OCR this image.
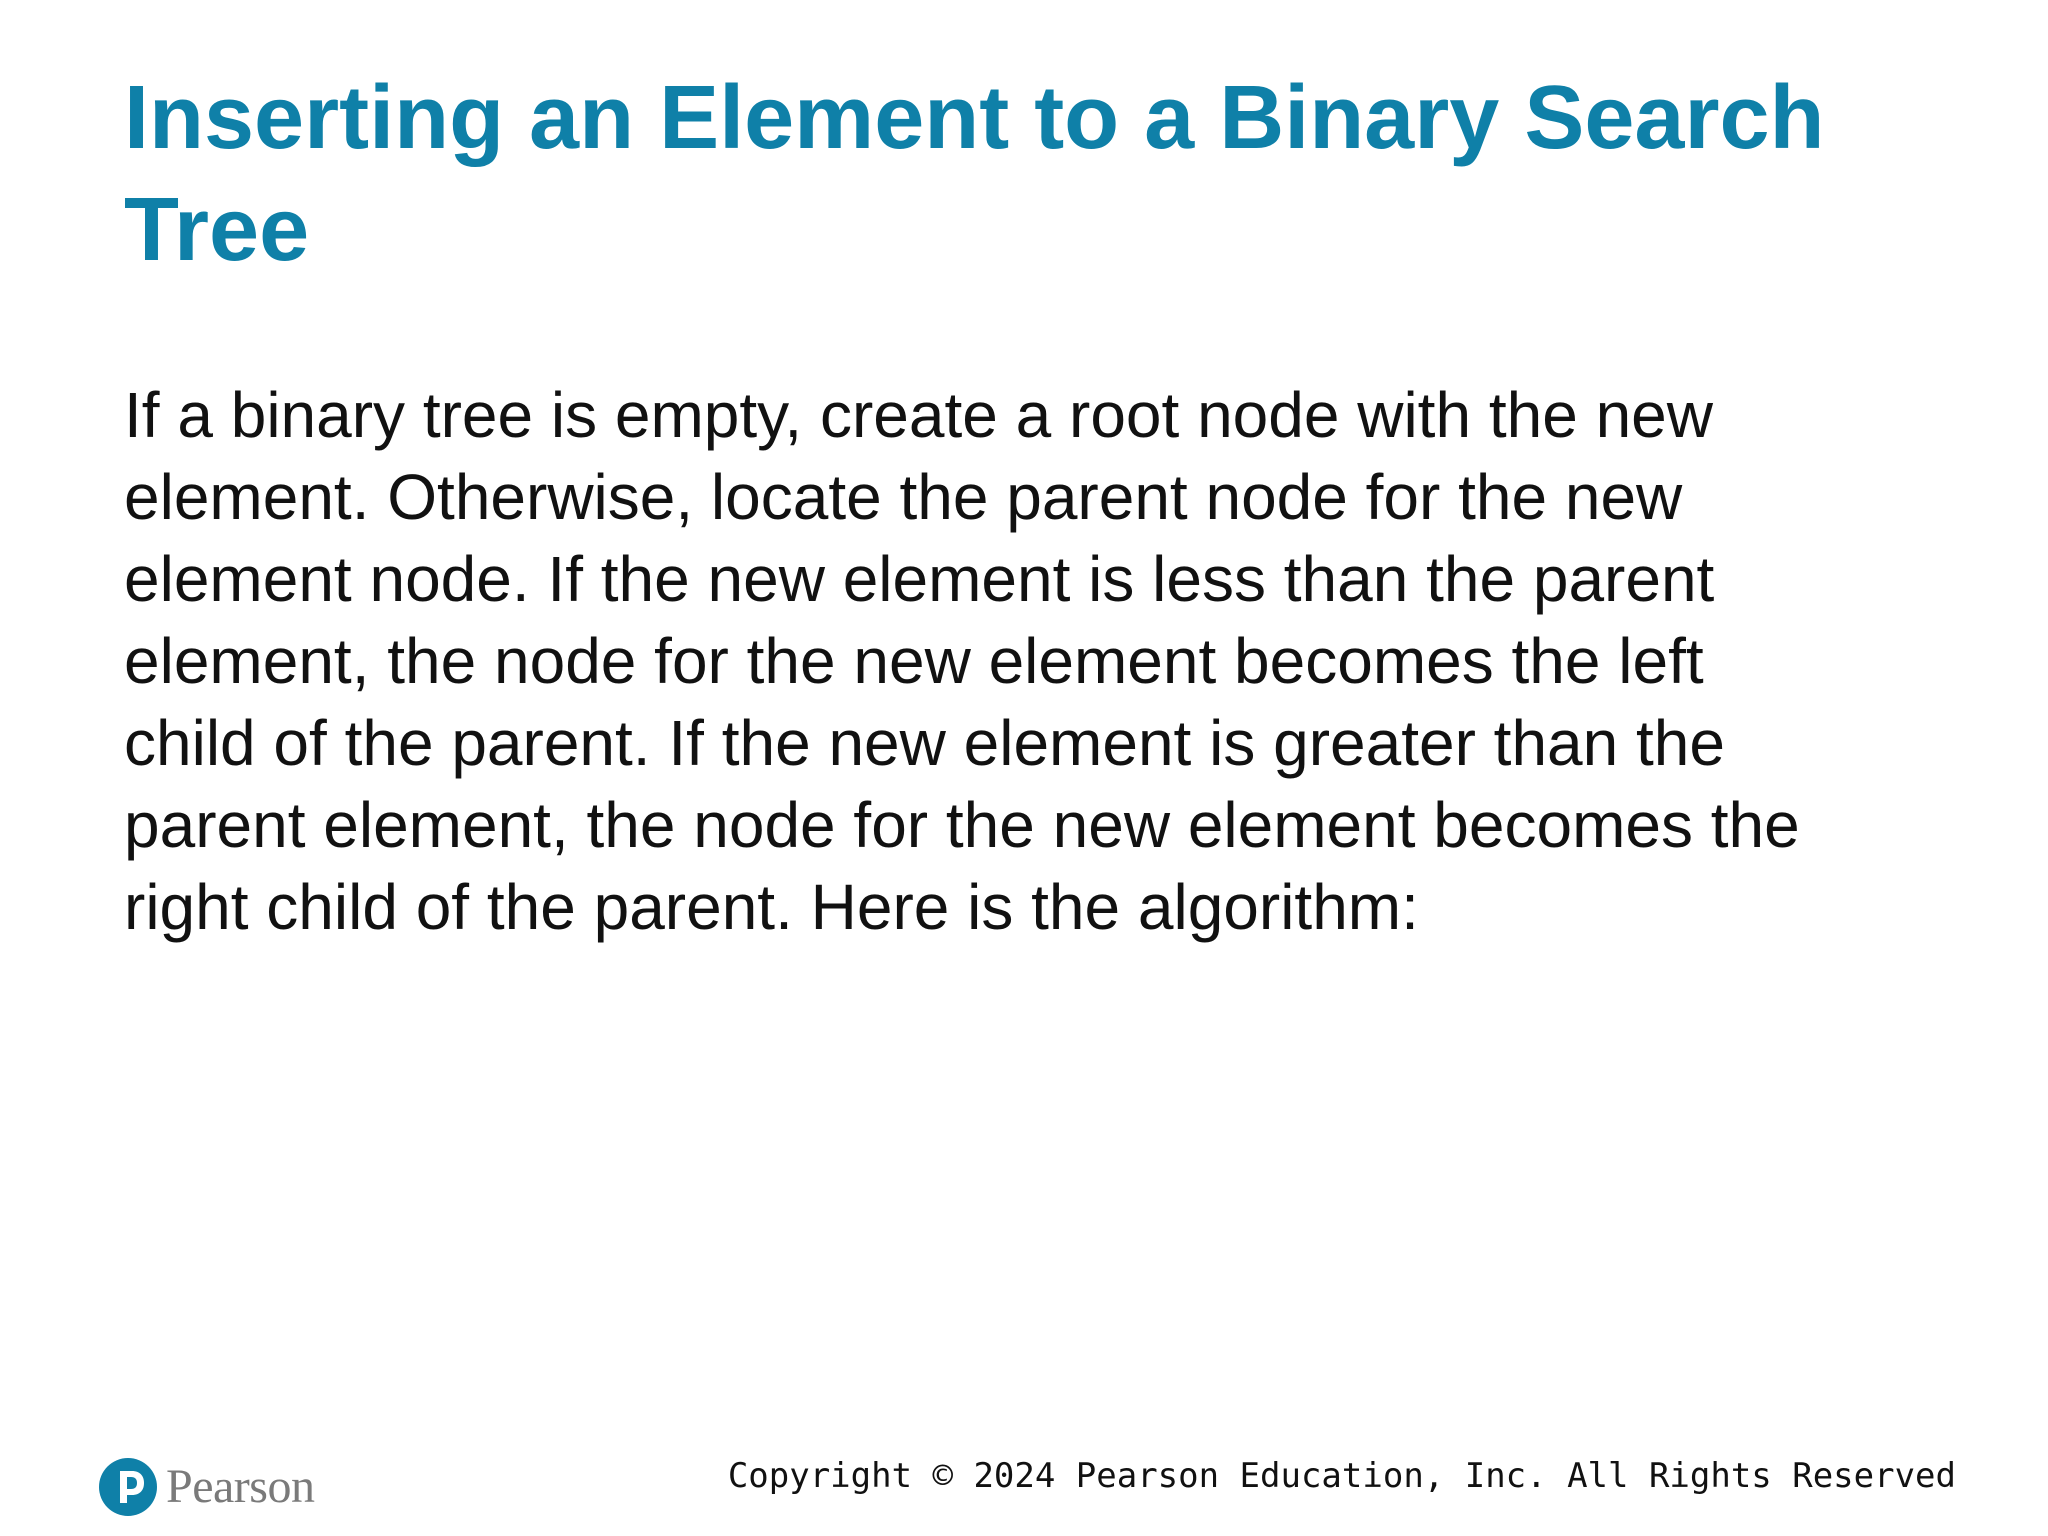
Inserting an Element to a Binary Search
Tree
If a binary tree is empty, create a root node with the new
element. Otherwise, locate the parent node for the new
element node. If the new element is less than the parent
element, the node for the new element becomes the left
child of the parent. If the new element is greater than the
parent element, the node for the new element becomes the
right child of the parent. Here is the algorithm:
Pearson	Copyright © 2024 Pearson Education, Inc. All Rights Reserved
